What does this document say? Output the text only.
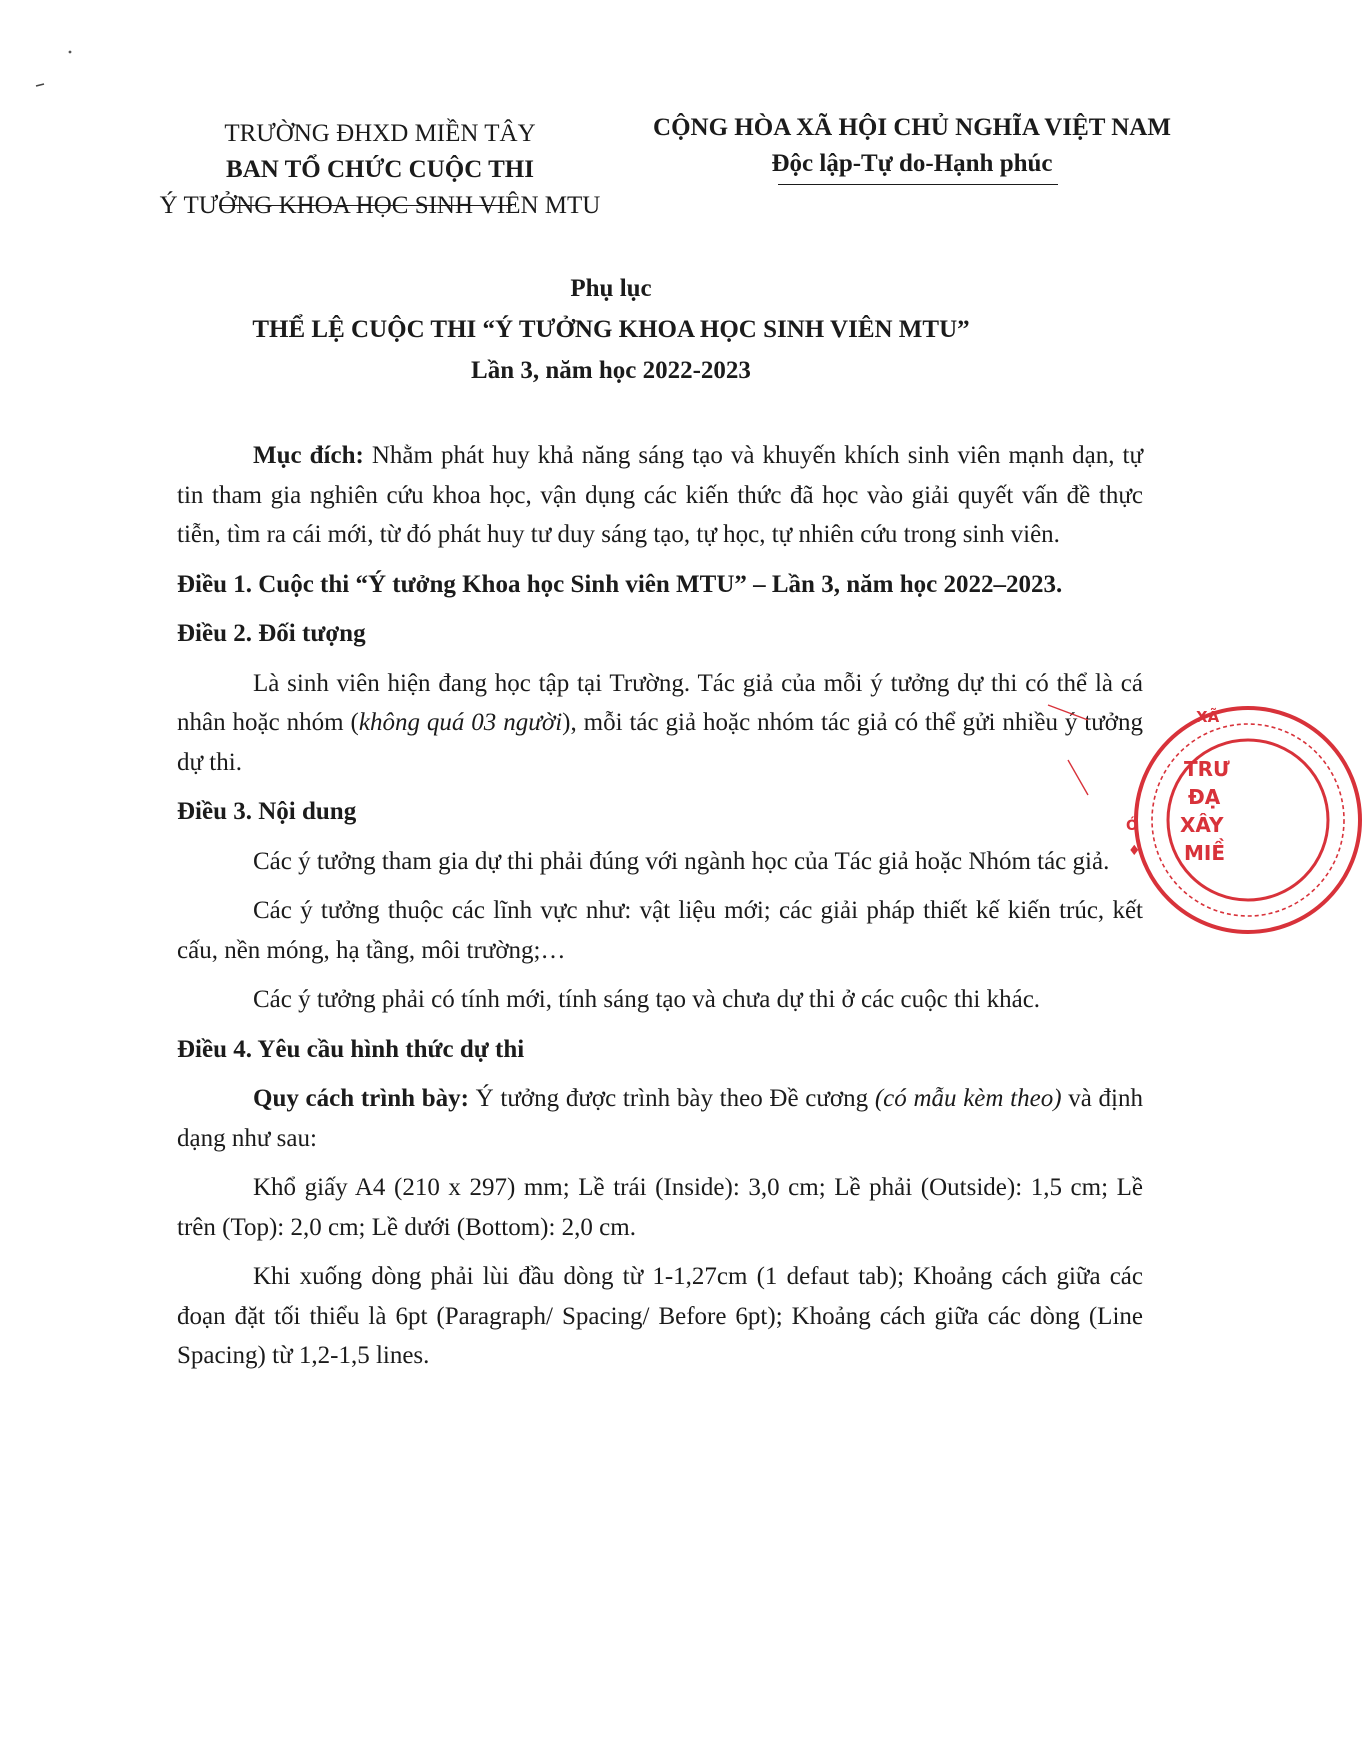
TRƯỜNG ĐHXD MIỀN TÂY
BAN TỔ CHỨC CUỘC THI
Ý TƯỞNG KHOA HỌC SINH VIÊN MTU
CỘNG HÒA XÃ HỘI CHỦ NGHĨA VIỆT NAM
Độc lập-Tự do-Hạnh phúc
Phụ lục
THỂ LỆ CUỘC THI “Ý TƯỞNG KHOA HỌC SINH VIÊN MTU”
Lần 3, năm học 2022-2023

Mục đích: Nhằm phát huy khả năng sáng tạo và khuyến khích sinh viên mạnh dạn, tự tin tham gia nghiên cứu khoa học, vận dụng các kiến thức đã học vào giải quyết vấn đề thực tiễn, tìm ra cái mới, từ đó phát huy tư duy sáng tạo, tự học, tự nhiên cứu trong sinh viên.

Điều 1. Cuộc thi “Ý tưởng Khoa học Sinh viên MTU” – Lần 3, năm học 2022–2023.
Điều 2. Đối tượng

Là sinh viên hiện đang học tập tại Trường. Tác giả của mỗi ý tưởng dự thi có thể là cá nhân hoặc nhóm (không quá 03 người), mỗi tác giả hoặc nhóm tác giả có thể gửi nhiều ý tưởng dự thi.

Điều 3. Nội dung

Các ý tưởng tham gia dự thi phải đúng với ngành học của Tác giả hoặc Nhóm tác giả.

Các ý tưởng thuộc các lĩnh vực như: vật liệu mới; các giải pháp thiết kế kiến trúc, kết cấu, nền móng, hạ tầng, môi trường;…

Các ý tưởng phải có tính mới, tính sáng tạo và chưa dự thi ở các cuộc thi khác.

Điều 4. Yêu cầu hình thức dự thi

Quy cách trình bày: Ý tưởng được trình bày theo Đề cương (có mẫu kèm theo) và định dạng như sau:

Khổ giấy A4 (210 x 297) mm; Lề trái (Inside): 3,0 cm; Lề phải (Outside): 1,5 cm; Lề trên (Top): 2,0 cm; Lề dưới (Bottom): 2,0 cm.

Khi xuống dòng phải lùi đầu dòng từ 1-1,27cm (1 defaut tab); Khoảng cách giữa các đoạn đặt tối thiểu là 6pt (Paragraph/ Spacing/ Before 6pt); Khoảng cách giữa các dòng (Line Spacing) từ 1,2-1,5 lines.

XÃ
TRƯ
ĐẠ
XÂY
MIỀ
Ó
♦
